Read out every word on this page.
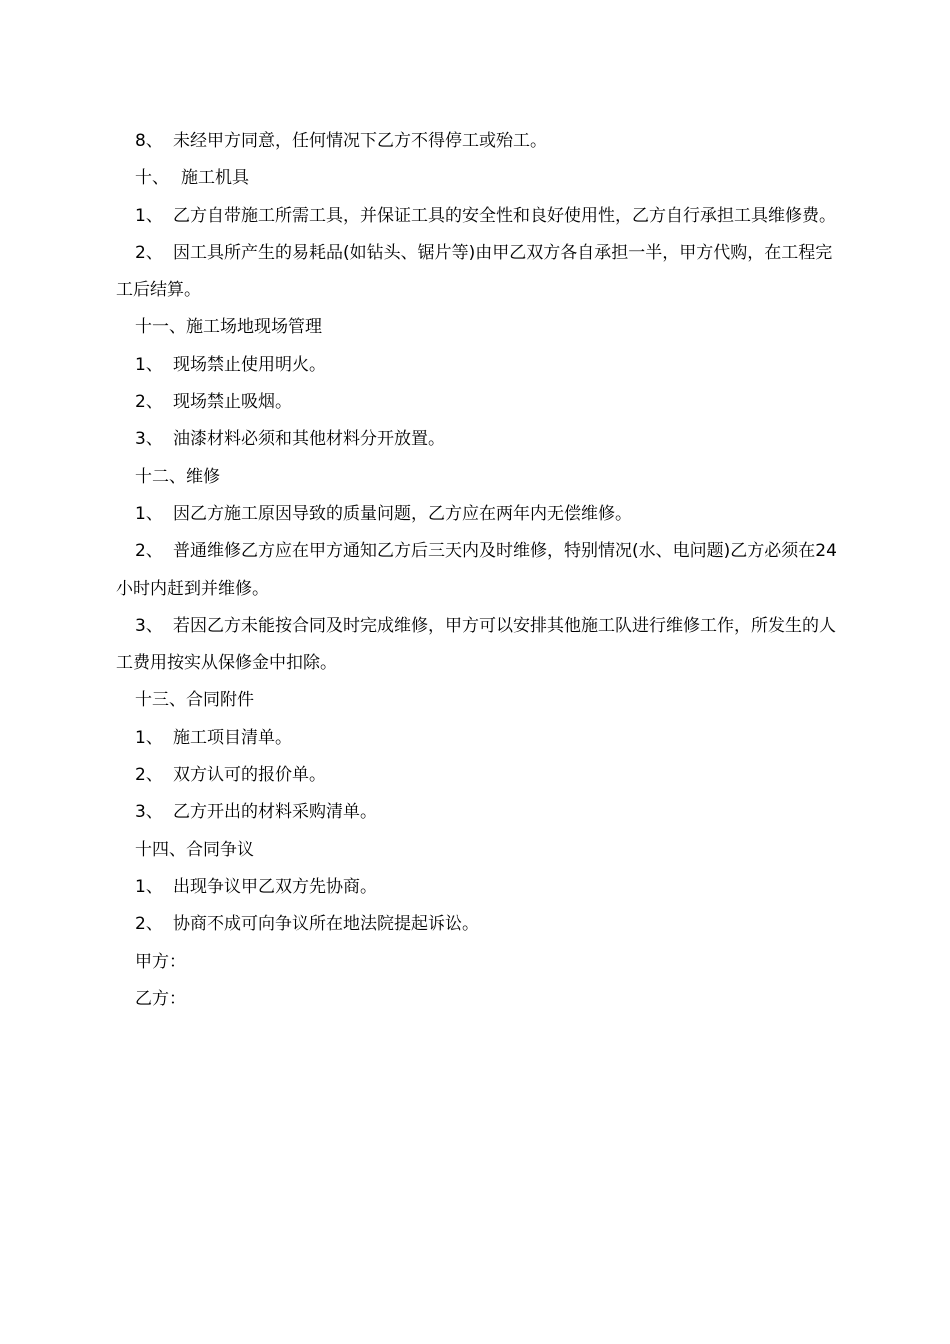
8、 未经甲方同意，任何情况下乙方不得停工或殆工。

十、 施工机具

1、 乙方自带施工所需工具，并保证工具的安全性和良好使用性，乙方自行承担工具维修费。

2、 因工具所产生的易耗品(如钻头、锯片等)由甲乙双方各自承担一半，甲方代购，在工程完工后结算。

十一、施工场地现场管理

1、 现场禁止使用明火。

2、 现场禁止吸烟。

3、 油漆材料必须和其他材料分开放置。

十二、维修

1、 因乙方施工原因导致的质量问题，乙方应在两年内无偿维修。

2、 普通维修乙方应在甲方通知乙方后三天内及时维修，特别情况(水、电问题)乙方必须在24小时内赶到并维修。

3、 若因乙方未能按合同及时完成维修，甲方可以安排其他施工队进行维修工作，所发生的人工费用按实从保修金中扣除。

十三、合同附件

1、 施工项目清单。

2、 双方认可的报价单。

3、 乙方开出的材料采购清单。

十四、合同争议

1、 出现争议甲乙双方先协商。

2、 协商不成可向争议所在地法院提起诉讼。

甲方：

乙方：
